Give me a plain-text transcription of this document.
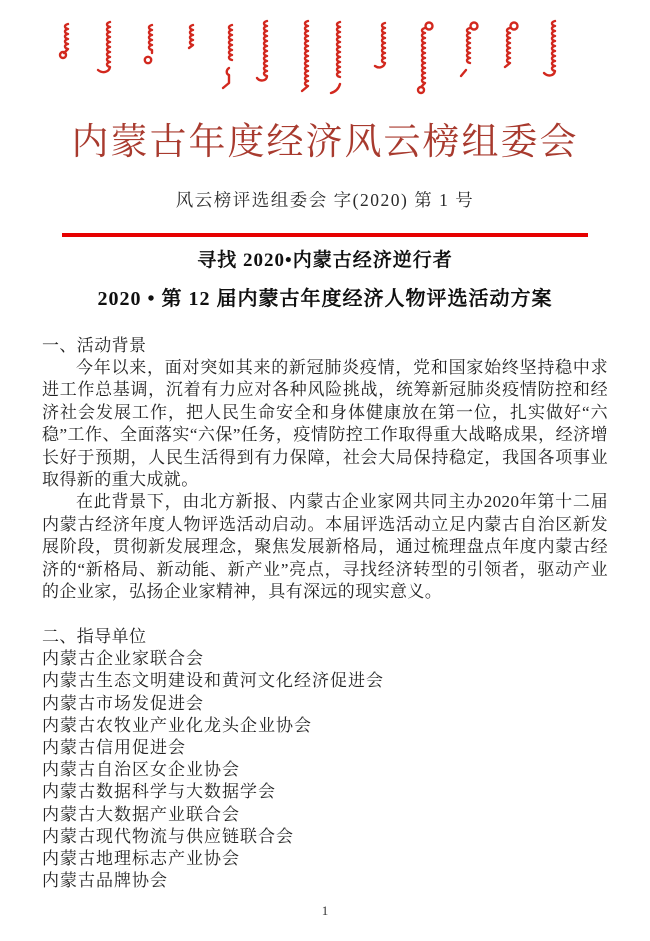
内蒙古年度经济风云榜组委会
风云榜评选组委会 字(2020) 第 1 号
寻找 2020•内蒙古经济逆行者
2020 • 第 12 届内蒙古年度经济人物评选活动方案
一、活动背景

今年以来，面对突如其来的新冠肺炎疫情，党和国家始终坚持稳中求进工作总基调，沉着有力应对各种风险挑战，统筹新冠肺炎疫情防控和经济社会发展工作，把人民生命安全和身体健康放在第一位，扎实做好“六稳”工作、全面落实“六保”任务，疫情防控工作取得重大战略成果，经济增长好于预期，人民生活得到有力保障，社会大局保持稳定，我国各项事业取得新的重大成就。

在此背景下，由北方新报、内蒙古企业家网共同主办2020年第十二届内蒙古经济年度人物评选活动启动。本届评选活动立足内蒙古自治区新发展阶段，贯彻新发展理念，聚焦发展新格局，通过梳理盘点年度内蒙古经济的“新格局、新动能、新产业”亮点，寻找经济转型的引领者，驱动产业的企业家，弘扬企业家精神，具有深远的现实意义。

二、指导单位
内蒙古企业家联合会
内蒙古生态文明建设和黄河文化经济促进会
内蒙古市场发促进会
内蒙古农牧业产业化龙头企业协会
内蒙古信用促进会
内蒙古自治区女企业协会
内蒙古数据科学与大数据学会
内蒙古大数据产业联合会
内蒙古现代物流与供应链联合会
内蒙古地理标志产业协会
内蒙古品牌协会
1
